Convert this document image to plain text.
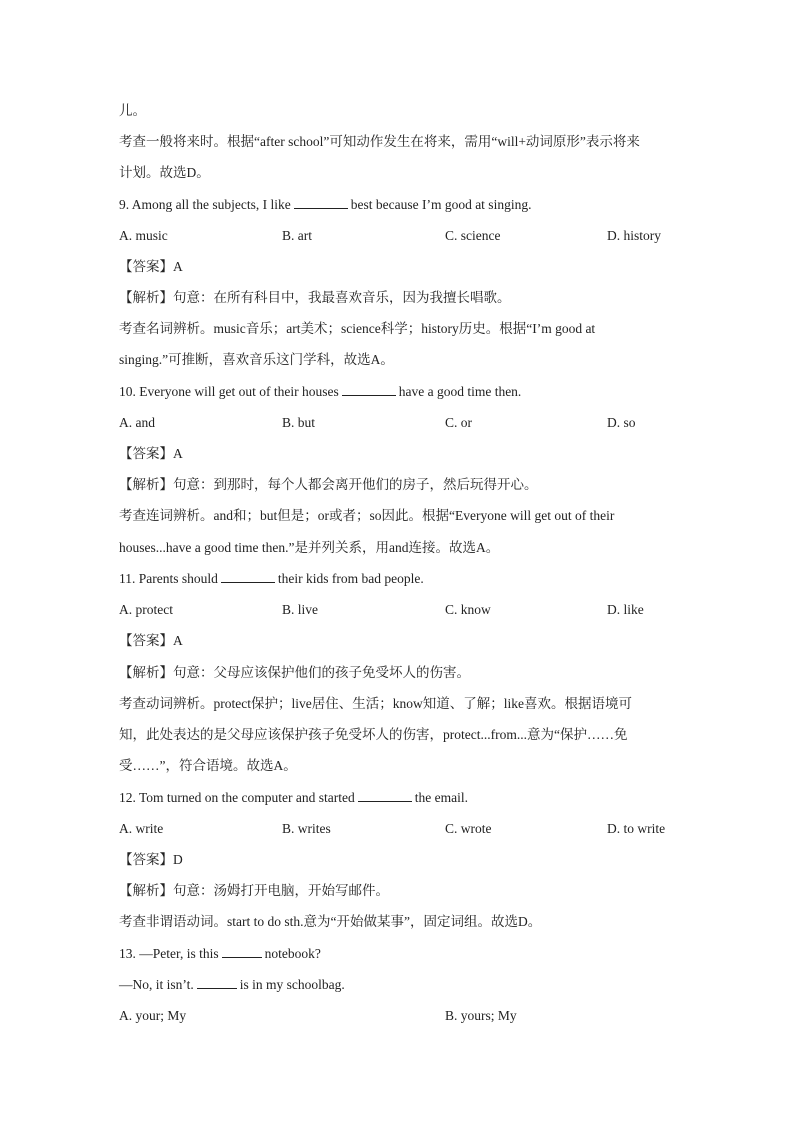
儿。
考查一般将来时。根据“after school”可知动作发生在将来，需用“will+动词原形”表示将来
计划。故选D。
9. Among all the subjects, I like	best because I’m good at singing.
A. music	B. art	C. science	D. history
【答案】A
【解析】句意：在所有科目中，我最喜欢音乐，因为我擅长唱歌。
考查名词辨析。music音乐；art美术；science科学；history历史。根据“I’m good at
singing.”可推断，喜欢音乐这门学科，故选A。
10. Everyone will get out of their houses	have a good time then.
A. and	B. but	C. or	D. so
【答案】A
【解析】句意：到那时，每个人都会离开他们的房子，然后玩得开心。
考查连词辨析。and和；but但是；or或者；so因此。根据“Everyone will get out of their
houses...have a good time then.”是并列关系，用and连接。故选A。
11. Parents should	their kids from bad people.
A. protect	B. live	C. know	D. like
【答案】A
【解析】句意：父母应该保护他们的孩子免受坏人的伤害。
考查动词辨析。protect保护；live居住、生活；know知道、了解；like喜欢。根据语境可
知，此处表达的是父母应该保护孩子免受坏人的伤害，protect...from...意为“保护……免
受……”，符合语境。故选A。
12. Tom turned on the computer and started	the email.
A. write	B. writes	C. wrote	D. to write
【答案】D
【解析】句意：汤姆打开电脑，开始写邮件。
考查非谓语动词。start to do sth.意为“开始做某事”，固定词组。故选D。
13. —Peter, is this	notebook?
—No, it isn’t.	is in my schoolbag.
A. your; My	B. yours; My
